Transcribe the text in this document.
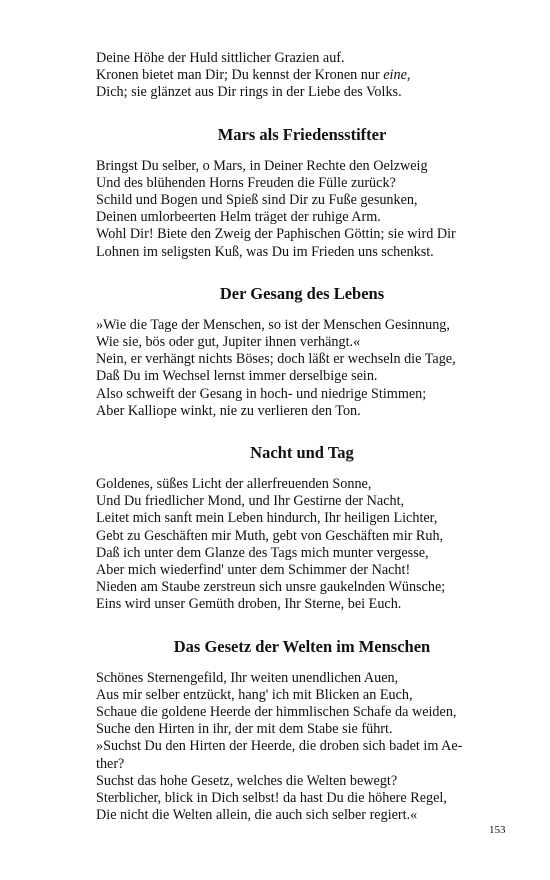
Deine Höhe der Huld sittlicher Grazien auf.
Kronen bietet man Dir; Du kennst der Kronen nur eine,
Dich; sie glänzet aus Dir rings in der Liebe des Volks.
Mars als Friedensstifter
Bringst Du selber, o Mars, in Deiner Rechte den Oelzweig
Und des blühenden Horns Freuden die Fülle zurück?
Schild und Bogen und Spieß sind Dir zu Fuße gesunken,
Deinen umlorbeerten Helm träget der ruhige Arm.
Wohl Dir! Biete den Zweig der Paphischen Göttin; sie wird Dir
Lohnen im seligsten Kuß, was Du im Frieden uns schenkst.
Der Gesang des Lebens
»Wie die Tage der Menschen, so ist der Menschen Gesinnung,
Wie sie, bös oder gut, Jupiter ihnen verhängt.«
Nein, er verhängt nichts Böses; doch läßt er wechseln die Tage,
Daß Du im Wechsel lernst immer derselbige sein.
Also schweift der Gesang in hoch- und niedrige Stimmen;
Aber Kalliope winkt, nie zu verlieren den Ton.
Nacht und Tag
Goldenes, süßes Licht der allerfreuenden Sonne,
Und Du friedlicher Mond, und Ihr Gestirne der Nacht,
Leitet mich sanft mein Leben hindurch, Ihr heiligen Lichter,
Gebt zu Geschäften mir Muth, gebt von Geschäften mir Ruh,
Daß ich unter dem Glanze des Tags mich munter vergesse,
Aber mich wiederfind' unter dem Schimmer der Nacht!
Nieden am Staube zerstreun sich unsre gaukelnden Wünsche;
Eins wird unser Gemüth droben, Ihr Sterne, bei Euch.
Das Gesetz der Welten im Menschen
Schönes Sternengefild, Ihr weiten unendlichen Auen,
Aus mir selber entzückt, hang' ich mit Blicken an Euch,
Schaue die goldene Heerde der himmlischen Schafe da weiden,
Suche den Hirten in ihr, der mit dem Stabe sie führt.
»Suchst Du den Hirten der Heerde, die droben sich badet im Ae-
ther?
Suchst das hohe Gesetz, welches die Welten bewegt?
Sterblicher, blick in Dich selbst! da hast Du die höhere Regel,
Die nicht die Welten allein, die auch sich selber regiert.«
153
